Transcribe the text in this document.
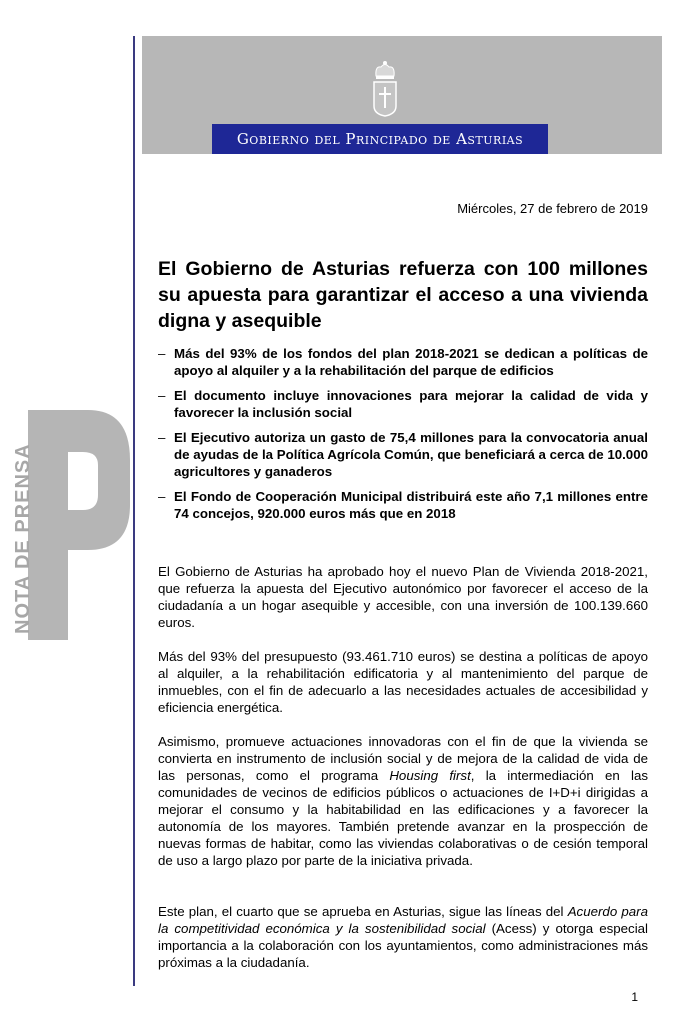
Gobierno del Principado de Asturias
NOTA DE PRENSA
Miércoles, 27 de febrero de 2019
El Gobierno de Asturias refuerza con 100 millones su apuesta para garantizar el acceso a una vivienda digna y asequible
– Más del 93% de los fondos del plan 2018-2021 se dedican a políticas de apoyo al alquiler y a la rehabilitación del parque de edificios
– El documento incluye innovaciones para mejorar la calidad de vida y favorecer la inclusión social
– El Ejecutivo autoriza un gasto de 75,4 millones para la convocatoria anual de ayudas de la Política Agrícola Común, que beneficiará a cerca de 10.000 agricultores y ganaderos
– El Fondo de Cooperación Municipal distribuirá este año 7,1 millones entre 74 concejos, 920.000 euros más que en 2018
El Gobierno de Asturias ha aprobado hoy el nuevo Plan de Vivienda 2018-2021, que refuerza la apuesta del Ejecutivo autonómico por favorecer el acceso de la ciudadanía a un hogar asequible y accesible, con una inversión de 100.139.660 euros.
Más del 93% del presupuesto (93.461.710 euros) se destina a políticas de apoyo al alquiler, a la rehabilitación edificatoria y al mantenimiento del parque de inmuebles, con el fin de adecuarlo a las necesidades actuales de accesibilidad y eficiencia energética.
Asimismo, promueve actuaciones innovadoras con el fin de que la vivienda se convierta en instrumento de inclusión social y de mejora de la calidad de vida de las personas, como el programa Housing first, la intermediación en las comunidades de vecinos de edificios públicos o actuaciones de I+D+i dirigidas a mejorar el consumo y la habitabilidad en las edificaciones y a favorecer la autonomía de los mayores. También pretende avanzar en la prospección de nuevas formas de habitar, como las viviendas colaborativas o de cesión temporal de uso a largo plazo por parte de la iniciativa privada.
Este plan, el cuarto que se aprueba en Asturias, sigue las líneas del Acuerdo para la competitividad económica y la sostenibilidad social (Acess) y otorga especial importancia a la colaboración con los ayuntamientos, como administraciones más próximas a la ciudadanía.
1
